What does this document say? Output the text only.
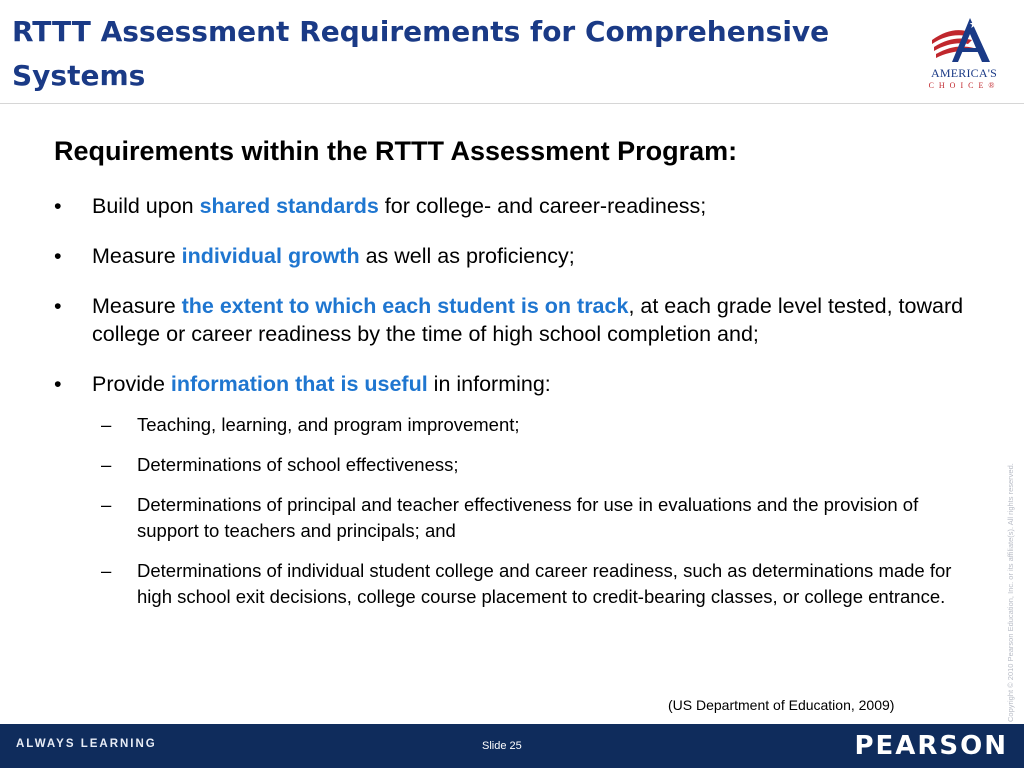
RTTT Assessment Requirements for Comprehensive Systems	AMERICA'S
CHOICE®
Requirements within the RTTT Assessment Program:
• Build upon shared standards for college- and career-readiness;
• Measure individual growth as well as proficiency;
• Measure the extent to which each student is on track, at each grade level tested, toward college or career readiness by the time of high school completion and;
• Provide information that is useful in informing:
– Teaching, learning, and program improvement;
– Determinations of school effectiveness;
– Determinations of principal and teacher effectiveness for use in evaluations and the provision of support to teachers and principals; and
– Determinations of individual student college and career readiness, such as determinations made for high school exit decisions, college course placement to credit-bearing classes, or college entrance.
(US Department of Education, 2009)	Copyright © 2010 Pearson Education, Inc. or its affiliate(s). All rights reserved.
ALWAYS LEARNING	Slide 25	PEARSON
